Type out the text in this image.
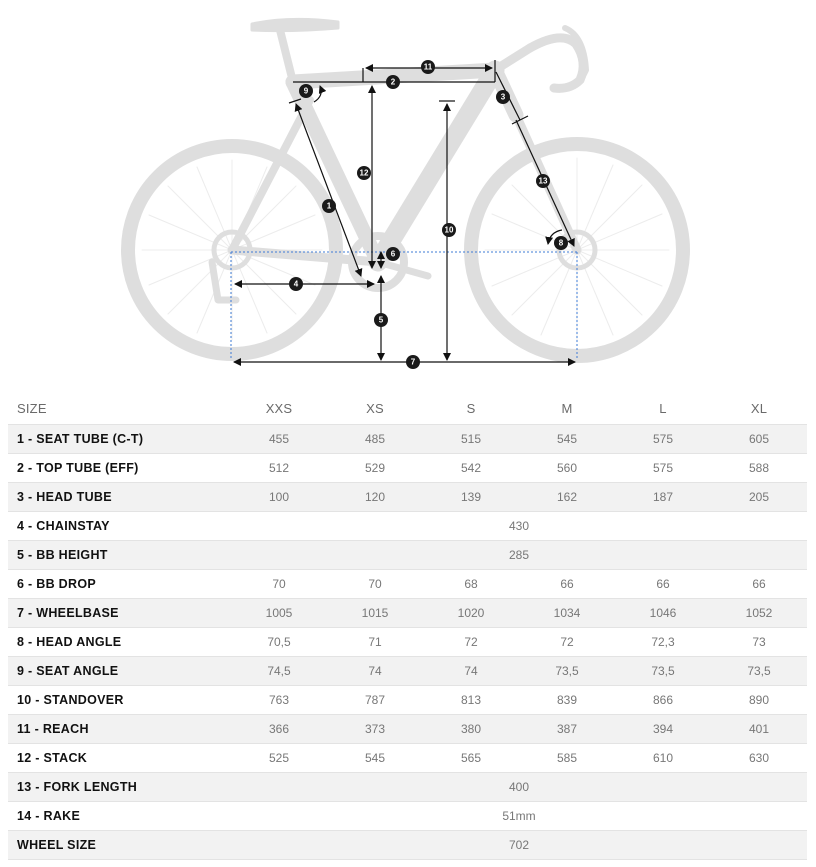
1
2
3
4
5
6
7
8
9
10
11
12
13
SIZE	XXS	XS	S	M	L	XL
1 - SEAT TUBE (C-T)	455	485	515	545	575	605
2 - TOP TUBE (EFF)	512	529	542	560	575	588
3 - HEAD TUBE	100	120	139	162	187	205
4 - CHAINSTAY	430					
5 - BB HEIGHT	285					
6 - BB DROP	70	70	68	66	66	66
7 - WHEELBASE	1005	1015	1020	1034	1046	1052
8 - HEAD ANGLE	70,5	71	72	72	72,3	73
9 - SEAT ANGLE	74,5	74	74	73,5	73,5	73,5
10 - STANDOVER	763	787	813	839	866	890
11 - REACH	366	373	380	387	394	401
12 - STACK	525	545	565	585	610	630
13 - FORK LENGTH	400					
14 - RAKE	51mm					
WHEEL SIZE	702					
